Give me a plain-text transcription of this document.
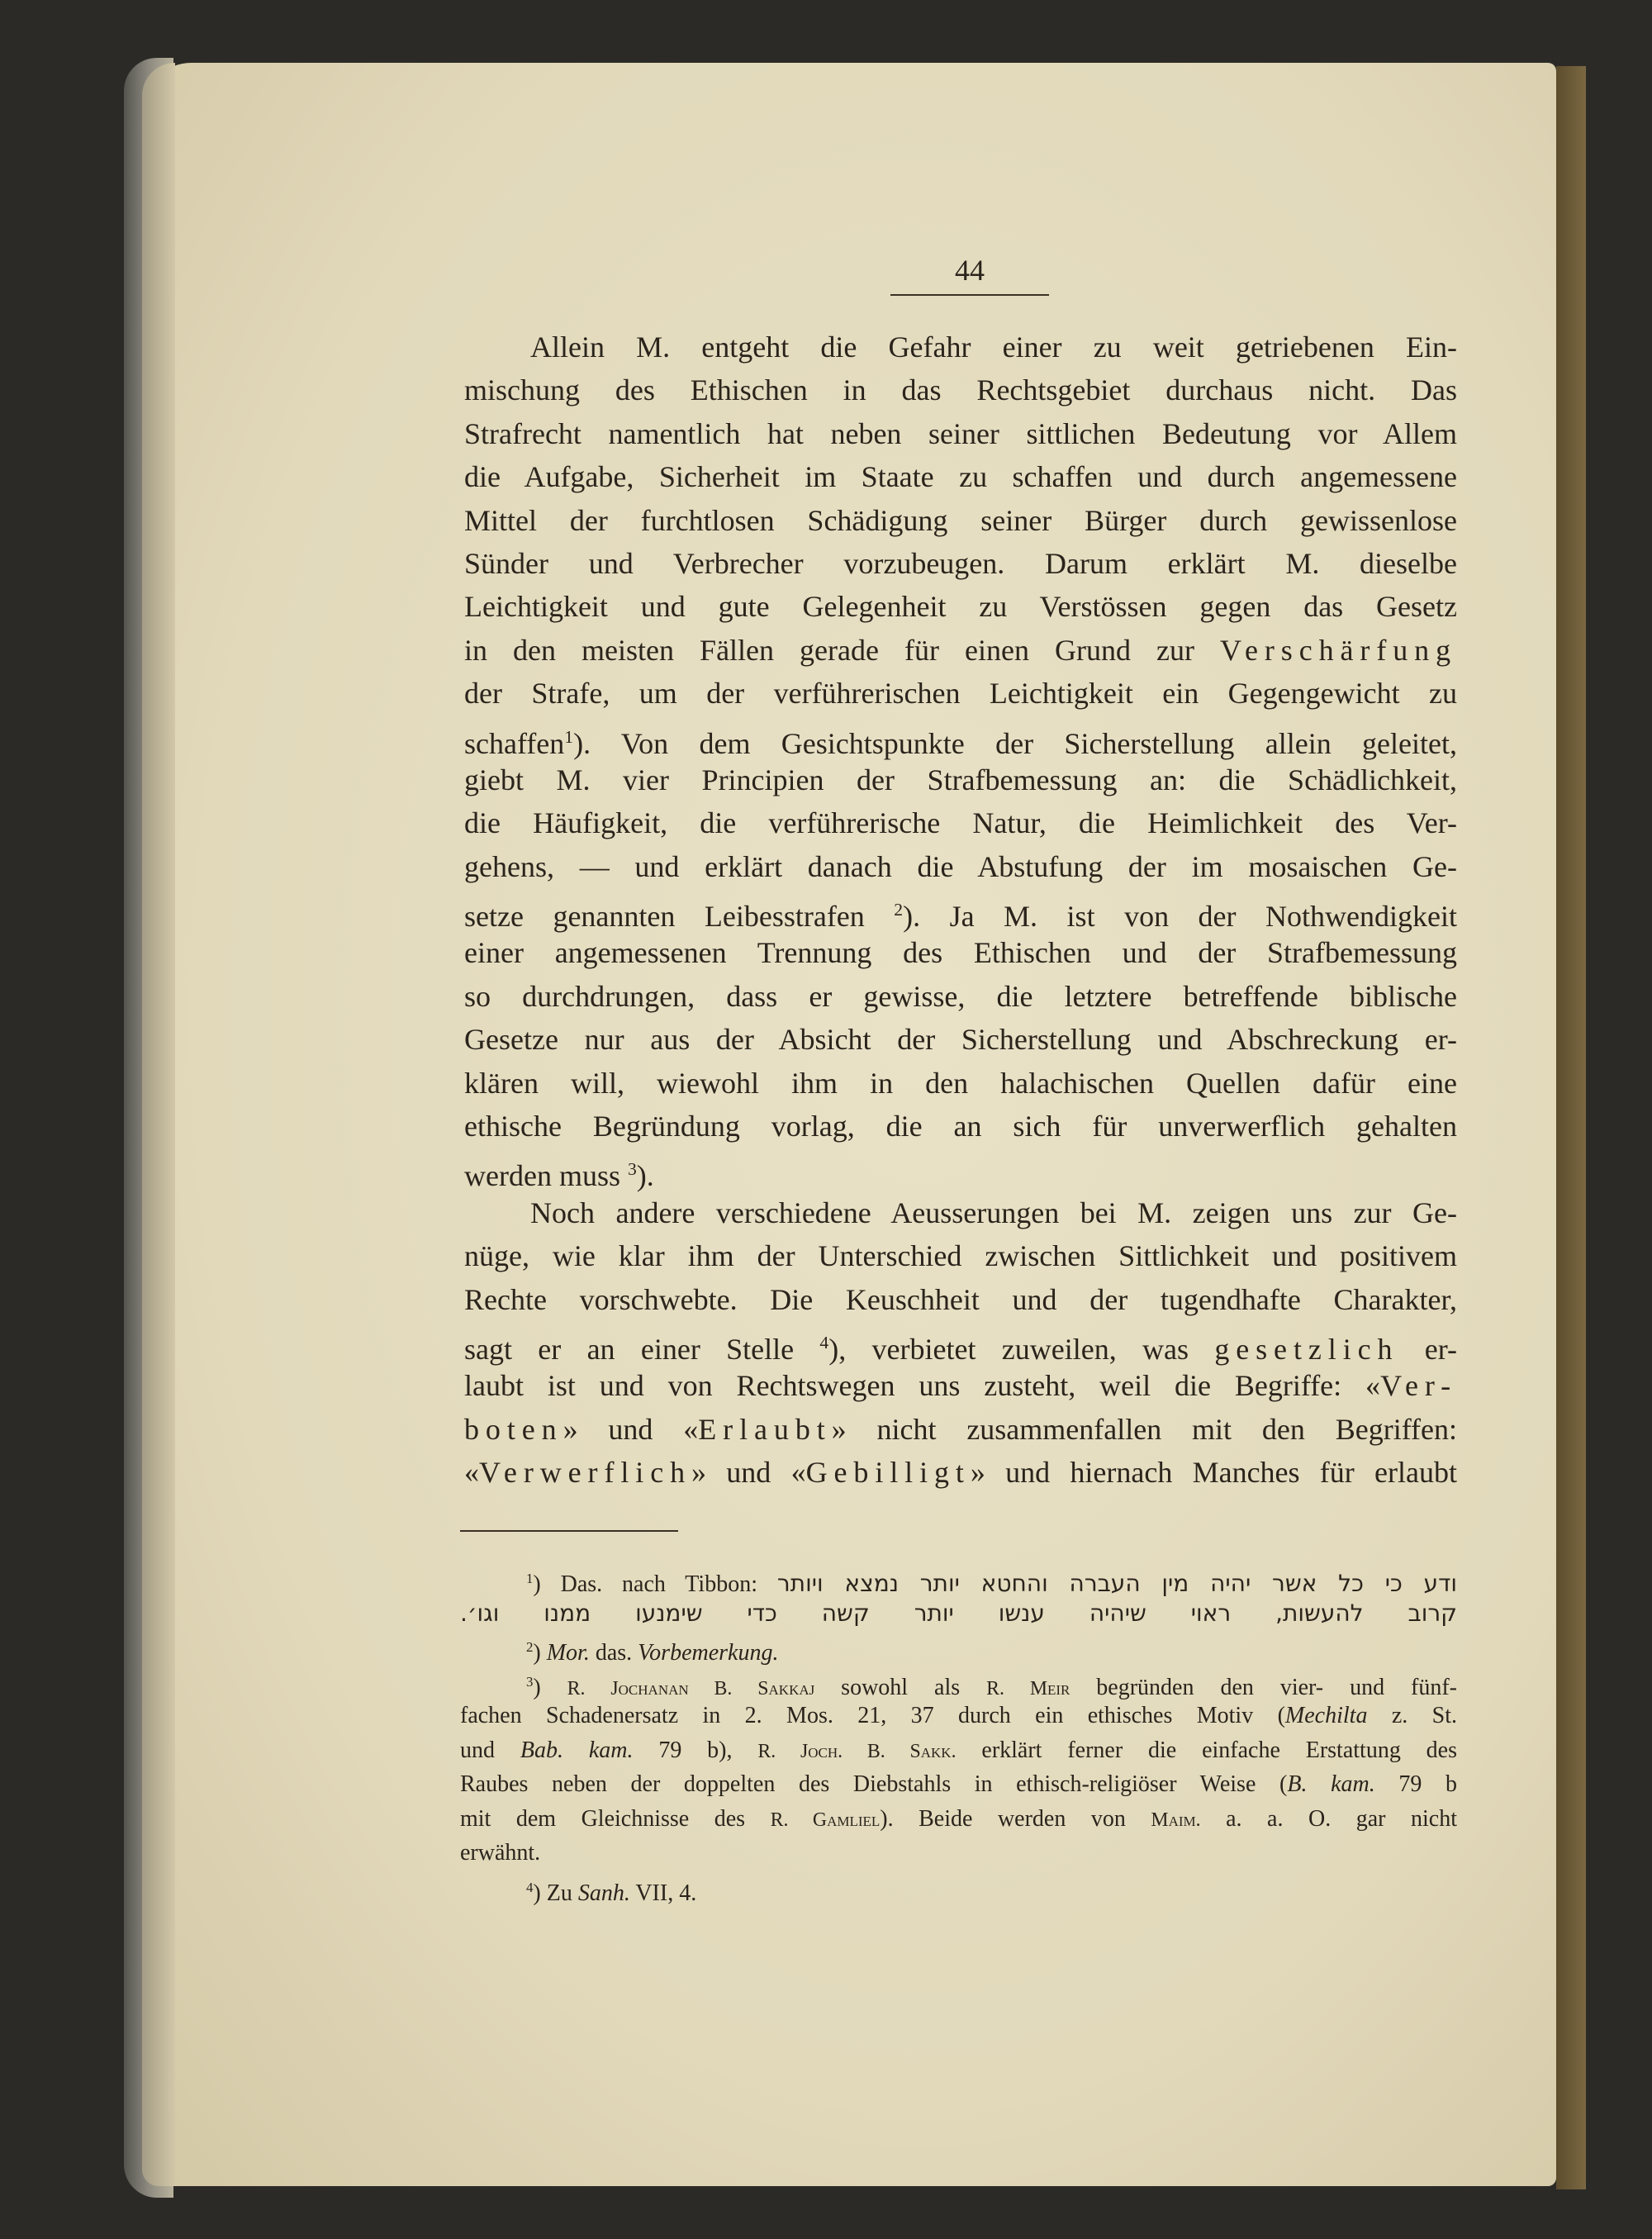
44
Allein M. entgeht die Gefahr einer zu weit getriebenen Ein-
mischung des Ethischen in das Rechtsgebiet durchaus nicht. Das
Strafrecht namentlich hat neben seiner sittlichen Bedeutung vor Allem
die Aufgabe, Sicherheit im Staate zu schaffen und durch angemessene
Mittel der furchtlosen Schädigung seiner Bürger durch gewissenlose
Sünder und Verbrecher vorzubeugen. Darum erklärt M. dieselbe
Leichtigkeit und gute Gelegenheit zu Verstössen gegen das Gesetz
in den meisten Fällen gerade für einen Grund zur Verschärfung
der Strafe, um der verführerischen Leichtigkeit ein Gegengewicht zu
schaffen$^1$). Von dem Gesichtspunkte der Sicherstellung allein geleitet,
giebt M. vier Principien der Strafbemessung an: die Schädlichkeit,
die Häufigkeit, die verführerische Natur, die Heimlichkeit des Ver-
gehens, — und erklärt danach die Abstufung der im mosaischen Ge-
setze genannten Leibesstrafen $^2$). Ja M. ist von der Nothwendigkeit
einer angemessenen Trennung des Ethischen und der Strafbemessung
so durchdrungen, dass er gewisse, die letztere betreffende biblische
Gesetze nur aus der Absicht der Sicherstellung und Abschreckung er-
klären will, wiewohl ihm in den halachischen Quellen dafür eine
ethische Begründung vorlag, die an sich für unverwerflich gehalten
werden muss $^3$).
Noch andere verschiedene Aeusserungen bei M. zeigen uns zur Ge-
nüge, wie klar ihm der Unterschied zwischen Sittlichkeit und positivem
Rechte vorschwebte. Die Keuschheit und der tugendhafte Charakter,
sagt er an einer Stelle $^4$), verbietet zuweilen, was gesetzlich er-
laubt ist und von Rechtswegen uns zusteht, weil die Begriffe: «Ver-
boten» und «Erlaubt» nicht zusammenfallen mit den Begriffen:
«Verwerflich» und «Gebilligt» und hiernach Manches für erlaubt
$^1$) Das. nach Tibbon: ודע כי כל אשר יהיה מין העברה והחטא יותר נמצא ויותר
קרוב להעשות, ראוי שיהיה ענשו יותר קשה כדי שימנעו ממנו וגו׳.
$^2$) Mor. das. Vorbemerkung.
$^3$) R. Jochanan B. Sakkaj sowohl als R. Meir begründen den vier- und fünf-
fachen Schadenersatz in 2. Mos. 21, 37 durch ein ethisches Motiv (Mechilta z. St.
und Bab. kam. 79 b), R. Joch. B. Sakk. erklärt ferner die einfache Erstattung des
Raubes neben der doppelten des Diebstahls in ethisch-religiöser Weise (B. kam. 79 b
mit dem Gleichnisse des R. Gamliel). Beide werden von Maim. a. a. O. gar nicht
erwähnt.
$^4$) Zu Sanh. VII, 4.
